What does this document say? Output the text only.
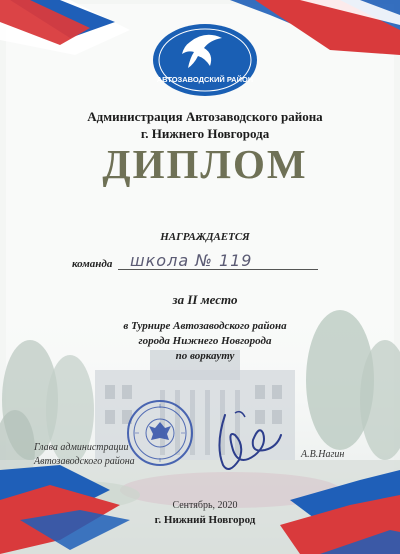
АВТОЗАВОДСКИЙ РАЙОН
Администрация Автозаводского района
г. Нижнего Новгорода
ДИПЛОМ
НАГРАЖДАЕТСЯ
команда школа № 119
за II место
в Турнире Автозаводского района
города Нижнего Новгорода
по воркауту
Глава администрации
Автозаводского района
А.В.Нагин
Сентябрь, 2020
г. Нижний Новгород
